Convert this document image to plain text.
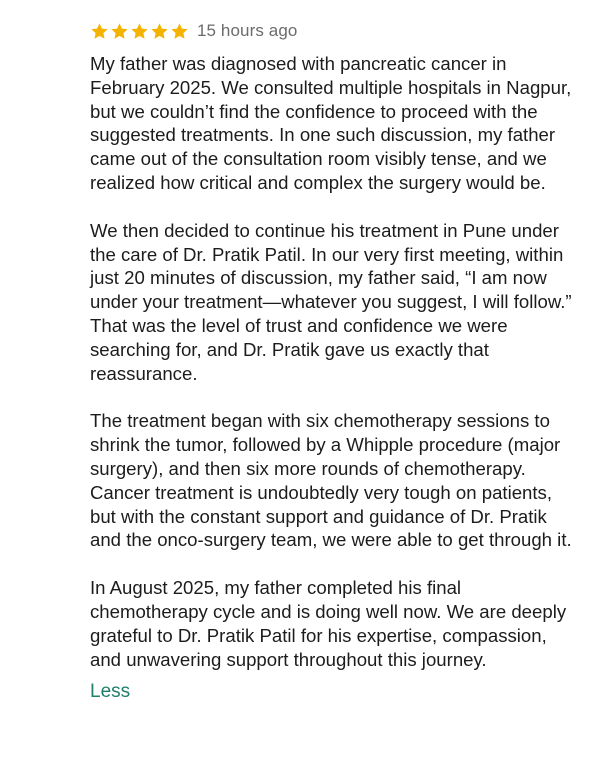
15 hours ago

My father was diagnosed with pancreatic cancer in February 2025. We consulted multiple hospitals in Nagpur, but we couldn’t find the confidence to proceed with the suggested treatments. In one such discussion, my father came out of the consultation room visibly tense, and we realized how critical and complex the surgery would be.

We then decided to continue his treatment in Pune under the care of Dr. Pratik Patil. In our very first meeting, within just 20 minutes of discussion, my father said, “I am now under your treatment—whatever you suggest, I will follow.” That was the level of trust and confidence we were searching for, and Dr. Pratik gave us exactly that reassurance.

The treatment began with six chemotherapy sessions to shrink the tumor, followed by a Whipple procedure (major surgery), and then six more rounds of chemotherapy. Cancer treatment is undoubtedly very tough on patients, but with the constant support and guidance of Dr. Pratik and the onco-surgery team, we were able to get through it.

In August 2025, my father completed his final chemotherapy cycle and is doing well now. We are deeply grateful to Dr. Pratik Patil for his expertise, compassion, and unwavering support throughout this journey.

Less
